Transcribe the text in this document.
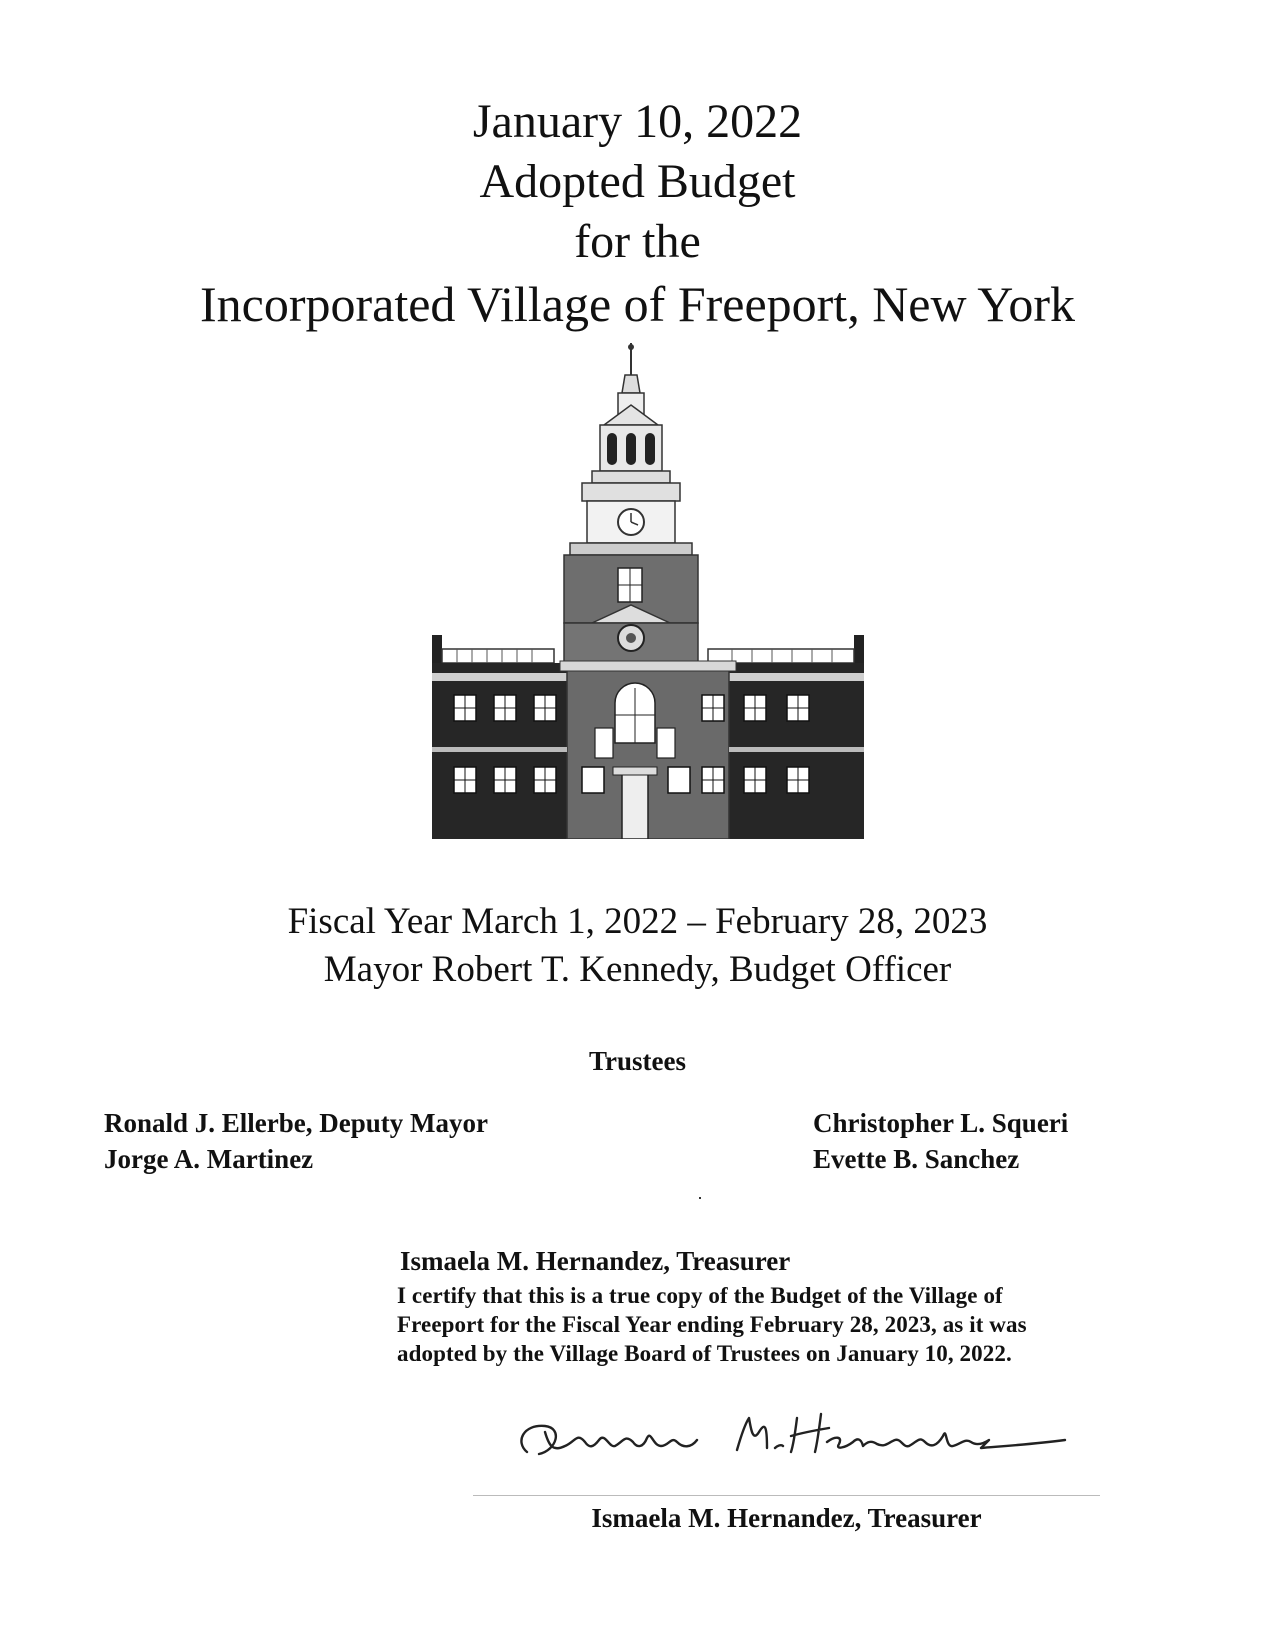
January 10, 2022
Adopted Budget
for the
Incorporated Village of Freeport, New York
Fiscal Year March 1, 2022 – February 28, 2023
Mayor Robert T. Kennedy, Budget Officer
Trustees
Ronald J. Ellerbe, Deputy Mayor
Jorge A. Martinez
Christopher L. Squeri
Evette B. Sanchez
Ismaela M. Hernandez, Treasurer
I certify that this is a true copy of the Budget of the Village of
Freeport for the Fiscal Year ending February 28, 2023, as it was
adopted by the Village Board of Trustees on January 10, 2022.
Ismaela M. Hernandez, Treasurer
